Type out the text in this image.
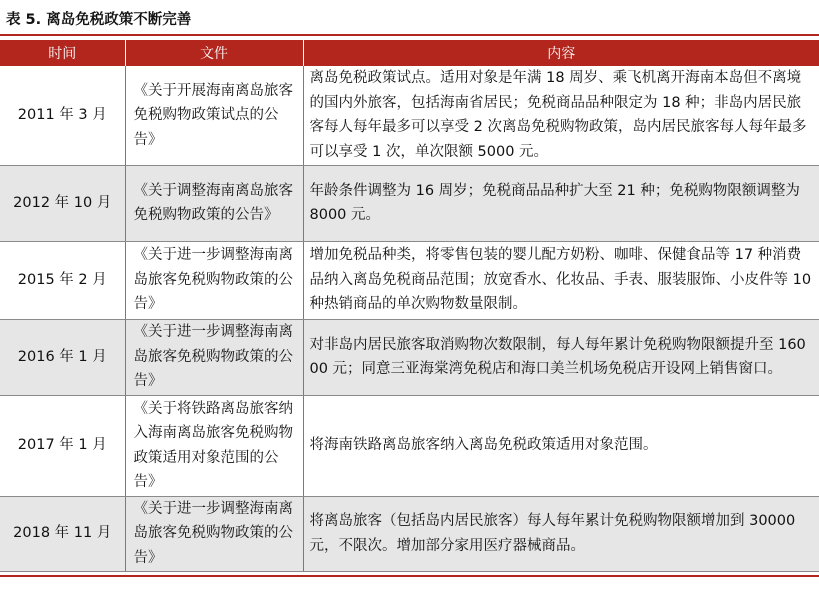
表 5. 离岛免税政策不断完善
时间	文件	内容
2011 年 3 月	《关于开展海南离岛旅客免税购物政策试点的公告》	离岛免税政策试点。适用对象是年满 18 周岁、乘飞机离开海南本岛但不离境的国内外旅客，包括海南省居民；免税商品品种限定为 18 种；非岛内居民旅客每人每年最多可以享受 2 次离岛免税购物政策，岛内居民旅客每人每年最多可以享受 1 次，单次限额 5000 元。
2012 年 10 月	《关于调整海南离岛旅客免税购物政策的公告》	年龄条件调整为 16 周岁；免税商品品种扩大至 21 种；免税购物限额调整为 8000 元。
2015 年 2 月	《关于进一步调整海南离岛旅客免税购物政策的公告》	增加免税品种类，将零售包装的婴儿配方奶粉、咖啡、保健食品等 17 种消费品纳入离岛免税商品范围；放宽香水、化妆品、手表、服装服饰、小皮件等 10 种热销商品的单次购物数量限制。
2016 年 1 月	《关于进一步调整海南离岛旅客免税购物政策的公告》	对非岛内居民旅客取消购物次数限制，每人每年累计免税购物限额提升至 16000 元；同意三亚海棠湾免税店和海口美兰机场免税店开设网上销售窗口。
2017 年 1 月	《关于将铁路离岛旅客纳入海南离岛旅客免税购物政策适用对象范围的公告》	将海南铁路离岛旅客纳入离岛免税政策适用对象范围。
2018 年 11 月	《关于进一步调整海南离岛旅客免税购物政策的公告》	将离岛旅客（包括岛内居民旅客）每人每年累计免税购物限额增加到 30000 元，不限次。增加部分家用医疗器械商品。
